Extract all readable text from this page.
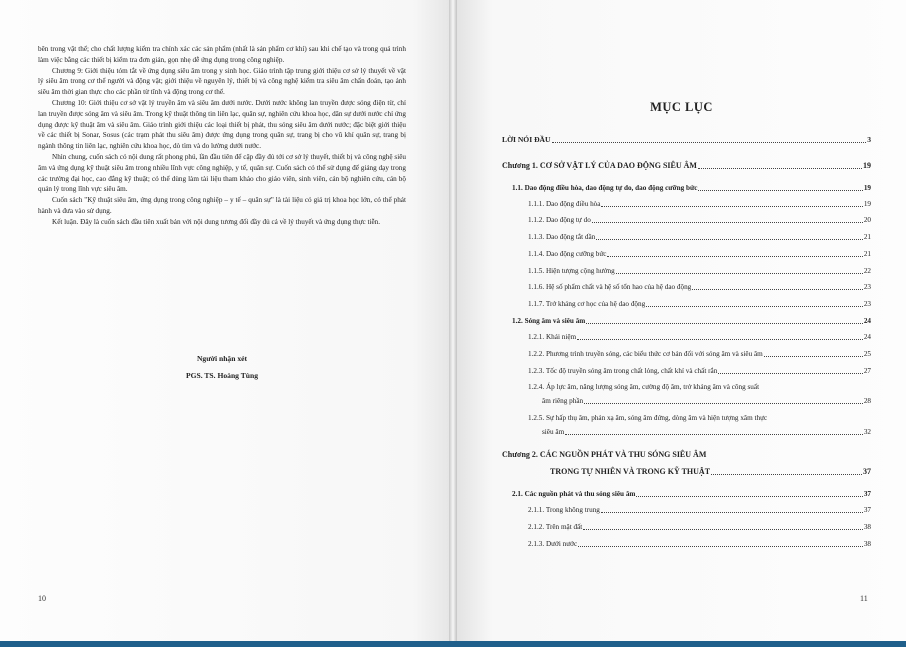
bên trong vật thể; cho chất lượng kiểm tra chính xác các sản phẩm (nhất là sản phẩm cơ khí) sau khi chế tạo và trong quá trình làm việc bằng các thiết bị kiểm tra đơn giản, gọn nhẹ dễ ứng dụng trong công nghiệp.

Chương 9: Giới thiệu tóm tắt về ứng dụng siêu âm trong y sinh học. Giáo trình tập trung giới thiệu cơ sở lý thuyết về vật lý siêu âm trong cơ thể người và động vật; giới thiệu về nguyên lý, thiết bị và công nghệ kiểm tra siêu âm chẩn đoán, tạo ảnh siêu âm thời gian thực cho các phần từ tĩnh và động trong cơ thể.

Chương 10: Giới thiệu cơ sở vật lý truyền âm và siêu âm dưới nước. Dưới nước không lan truyền được sóng điện từ, chỉ lan truyền được sóng âm và siêu âm. Trong kỹ thuật thông tin liên lạc, quân sự, nghiên cứu khoa học, dân sự dưới nước chỉ ứng dụng được kỹ thuật âm và siêu âm. Giáo trình giới thiệu các loại thiết bị phát, thu sóng siêu âm dưới nước; đặc biệt giới thiệu về các thiết bị Sonar, Sosus (các trạm phát thu siêu âm) được ứng dụng trong quân sự, trang bị cho vũ khí quân sự, trang bị ngành thông tin liên lạc, nghiên cứu khoa học, dò tìm và do lường dưới nước.

Nhìn chung, cuốn sách có nội dung rất phong phú, lần đầu tiên để cập đầy đủ tới cơ sở lý thuyết, thiết bị và công nghệ siêu âm và ứng dụng kỹ thuật siêu âm trong nhiều lĩnh vực công nghiệp, y tế, quân sự. Cuốn sách có thể sử dụng để giảng dạy trong các trường đại học, cao đẳng kỹ thuật; có thể dùng làm tài liệu tham khảo cho giáo viên, sinh viên, cán bộ nghiên cứu, cán bộ quản lý trong lĩnh vực siêu âm.

Cuốn sách "Kỹ thuật siêu âm, ứng dụng trong công nghiệp – y tế – quân sự" là tài liệu có giá trị khoa học lớn, có thể phát hành và đưa vào sử dụng.

Kết luận. Đây là cuốn sách đầu tiên xuất bản với nội dung tương đối đầy đủ cả về lý thuyết và ứng dụng thực tiễn.

Người nhận xét
PGS. TS. Hoàng Tùng
10
MỤC LỤC
LỜI NÓI ĐẦU	3
Chương 1. CƠ SỞ VẬT LÝ CỦA DAO ĐỘNG SIÊU ÂM	19
1.1. Dao động điều hòa, dao động tự do, dao động cưỡng bức	19
1.1.1. Dao động điều hòa	19
1.1.2. Dao động tự do	20
1.1.3. Dao động tắt dần	21
1.1.4. Dao động cưỡng bức	21
1.1.5. Hiện tượng cộng hưởng	22
1.1.6. Hệ số phẩm chất và hệ số tổn hao của hệ dao động	23
1.1.7. Trở kháng cơ học của hệ dao động	23
1.2. Sóng âm và siêu âm	24
1.2.1. Khái niệm	24
1.2.2. Phương trình truyền sóng, các biểu thức cơ bản đối với sóng âm và siêu âm	25
1.2.3. Tốc độ truyền sóng âm trong chất lỏng, chất khí và chất rắn	27
1.2.4. Áp lực âm, năng lượng sóng âm, cường độ âm, trở kháng âm và công suất
âm riêng phần	28
1.2.5. Sự hấp thụ âm, phản xạ âm, sóng âm đứng, dòng âm và hiện tượng xâm thực
siêu âm	32
Chương 2. CÁC NGUỒN PHÁT VÀ THU SÓNG SIÊU ÂM
TRONG TỰ NHIÊN VÀ TRONG KỸ THUẬT	37
2.1. Các nguồn phát và thu sóng siêu âm	37
2.1.1. Trong không trung	37
2.1.2. Trên mặt đất	38
2.1.3. Dưới nước	38
11
